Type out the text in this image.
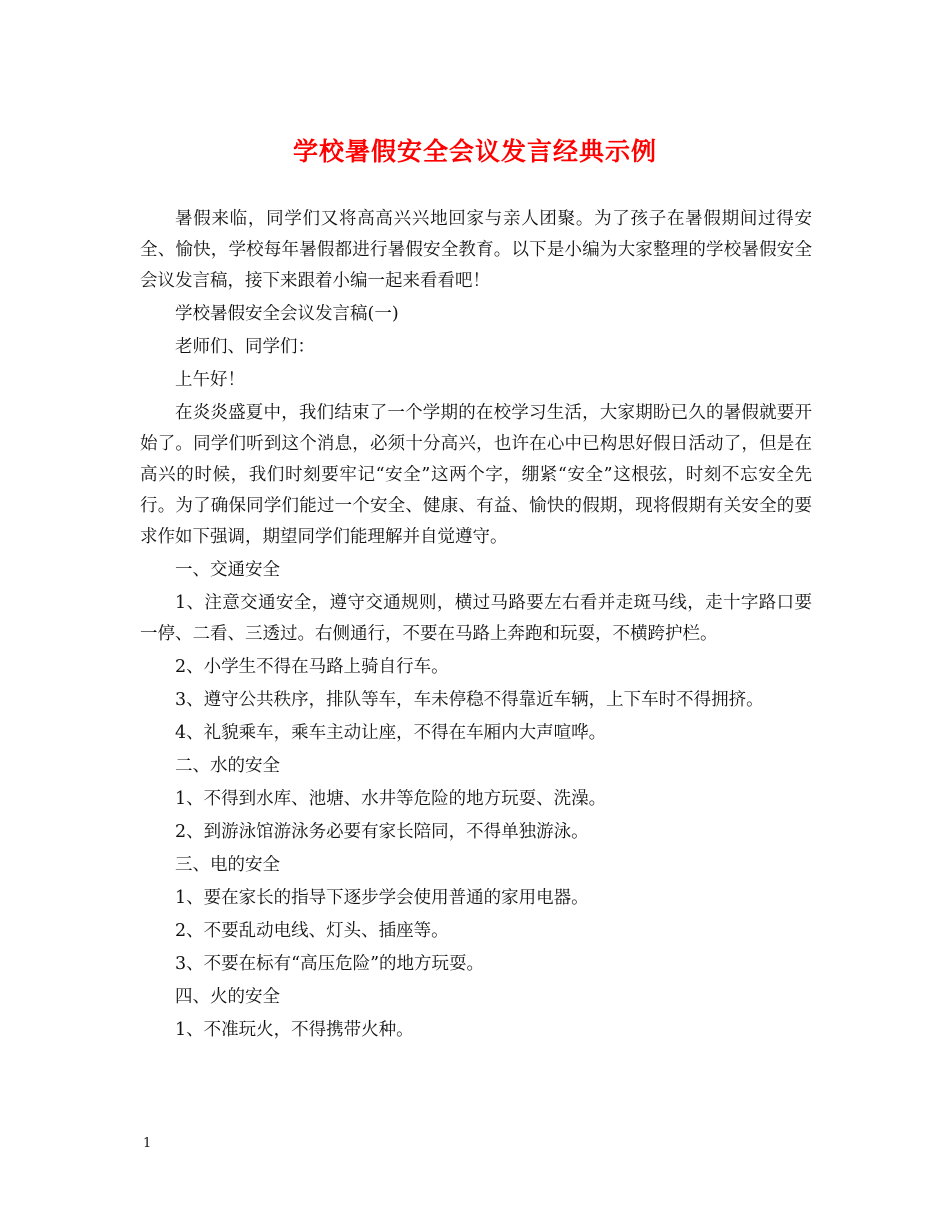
学校暑假安全会议发言经典示例

暑假来临，同学们又将高高兴兴地回家与亲人团聚。为了孩子在暑假期间过得安全、愉快，学校每年暑假都进行暑假安全教育。以下是小编为大家整理的学校暑假安全会议发言稿，接下来跟着小编一起来看看吧！

学校暑假安全会议发言稿(一)

老师们、同学们：

上午好！

在炎炎盛夏中，我们结束了一个学期的在校学习生活，大家期盼已久的暑假就要开始了。同学们听到这个消息，必须十分高兴，也许在心中已构思好假日活动了，但是在高兴的时候，我们时刻要牢记“安全”这两个字，绷紧“安全”这根弦，时刻不忘安全先行。为了确保同学们能过一个安全、健康、有益、愉快的假期，现将假期有关安全的要求作如下强调，期望同学们能理解并自觉遵守。

一、交通安全

1、注意交通安全，遵守交通规则，横过马路要左右看并走斑马线，走十字路口要一停、二看、三透过。右侧通行，不要在马路上奔跑和玩耍，不横跨护栏。

2、小学生不得在马路上骑自行车。

3、遵守公共秩序，排队等车，车未停稳不得靠近车辆，上下车时不得拥挤。

4、礼貌乘车，乘车主动让座，不得在车厢内大声喧哗。

二、水的安全

1、不得到水库、池塘、水井等危险的地方玩耍、洗澡。

2、到游泳馆游泳务必要有家长陪同，不得单独游泳。

三、电的安全

1、要在家长的指导下逐步学会使用普通的家用电器。

2、不要乱动电线、灯头、插座等。

3、不要在标有“高压危险”的地方玩耍。

四、火的安全

1、不准玩火，不得携带火种。

1
